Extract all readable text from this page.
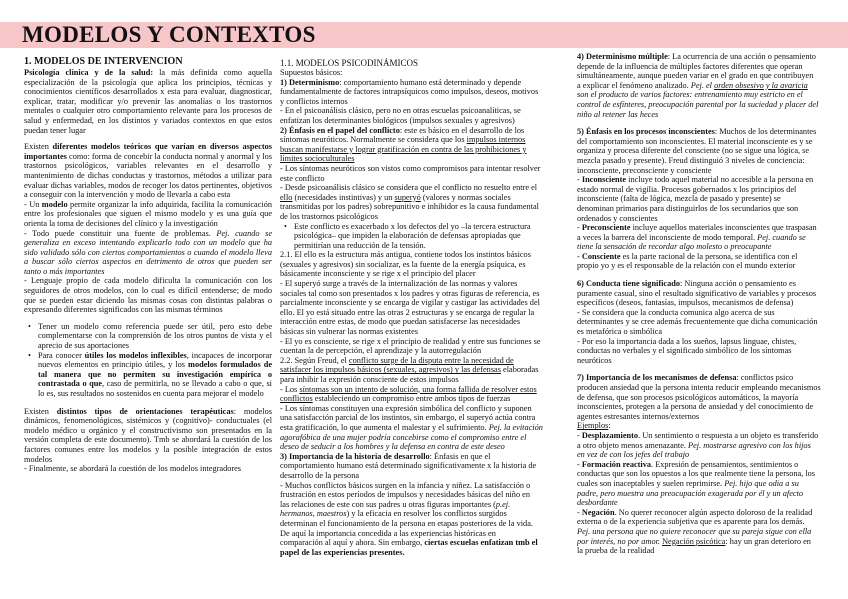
MODELOS Y CONTEXTOS
1. MODELOS DE INTERVENCIÓN

Psicología clínica y de la salud: la más definida como aquella especialización de la psicología que aplica los principios, técnicas y conocimientos científicos desarrollados x esta para evaluar, diagnosticar, explicar, tratar, modificar y/o prevenir las anomalías o los trastornos mentales o cualquier otro comportamiento relevante para los procesos de salud y enfermedad, en los distintos y variados contextos en que estos puedan tener lugar

Existen diferentes modelos teóricos que varían en diversos aspectos importantes como: forma de concebir la conducta normal y anormal y los trastornos psicológicos, variables relevantes en el desarrollo y mantenimiento de dichas conductas y trastornos, métodos a utilizar para evaluar dichas variables, modos de recoger los datos pertinentes, objetivos a conseguir con la intervención y modo de llevarla a cabo esta
- Un modelo permite organizar la info adquirida, facilita la comunicación entre los profesionales que siguen el mismo modelo y es una guía que orienta la toma de decisiones del clínico y la investigación
- Todo puede constituir una fuente de problemas. Pej. cuando se generaliza en exceso intentando explicarlo todo con un modelo que ha sido validado sólo con ciertos comportamientos o cuando el modelo lleva a buscar sólo ciertos aspectos en detrimento de otros que pueden ser tanto o más importantes
- Lenguaje propio de cada modelo dificulta la comunicación con los seguidores de otros modelos, con lo cual es difícil entenderse; de modo que se pueden estar diciendo las mismas cosas con distintas palabras o expresando diferentes significados con las mismas términos

• Tener un modelo como referencia puede ser útil, pero esto debe complementarse con la comprensión de los otros puntos de vista y el aprecio de sus aportaciones
• Para conocer útiles los modelos inflexibles, incapaces de incorporar nuevos elementos en principio útiles, y los modelos formulados de tal manera que no permiten su investigación empírica o contrastada o que, caso de permitirla, no se llevado a cabo o que, si lo es, sus resultados no sostenidos en cuenta para mejorar el modelo

Existen distintos tipos de orientaciones terapéuticas: modelos dinámicos, fenomenológicos, sistémicos y (cognitivo)- conductuales (el modelo médico u orgánico y el constructivismo son presentados en la versión completa de este documento). Tmb se abordará la cuestión de los factores comunes entre los modelos y la posible integración de estos modelos
- Finalmente, se abordará la cuestión de los modelos integradores

1.1. MODELOS PSICODINÁMICOS
Supuestos básicos:
1) Determinismo: comportamiento humano está determinado y depende
fundamentalmente de factores intrapsíquicos como impulsos, deseos, motivos
y conflictos internos
- En el psicoanálisis clásico, pero no en otras escuelas psicoanalíticas, se
enfatizan los determinantes biológicos (impulsos sexuales y agresivos)
2) Énfasis en el papel del conflicto: este es básico en el desarrollo de los
síntomas neuróticos. Normalmente se considera que los impulsos internos
buscan manifestarse y lograr gratificación en contra de las prohibiciones y
límites socioculturales
- Los síntomas neuróticos son vistos como compromisos para intentar resolver
este conflicto
- Desde psicoanálisis clásico se considera que el conflicto no resuelto entre el
ello (necesidades instintivas) y un superyó (valores y normas sociales
transmitidas por los padres) sobrepunitivo e inhibidor es la causa fundamental
de los trastornos psicológicos
• Este conflicto es exacerbado x los defectos del yo –la tercera estructura
psicológica– que impiden la elaboración de defensas apropiadas que
permitirían una reducción de la tensión.
2.1. El ello es la estructura más antigua, contiene todos los instintos básicos
(sexuales y agresivos) sin socializar, es la fuente de la energía psíquica, es
básicamente inconsciente y se rige x el principio del placer
- El superyó surge a través de la internalización de las normas y valores
sociales tal como son presentados x los padres y otras figuras de referencia, es
parcialmente inconsciente y se encarga de vigilar y castigar las actividades del
ello. El yo está situado entre las otras 2 estructuras y se encarga de regular la
interacción entre estas, de modo que puedan satisfacerse las necesidades
básicas sin vulnerar las normas existentes
- El yo es consciente, se rige x el principio de realidad y entre sus funciones se
cuentan la de percepción, el aprendizaje y la autorregulación
2.2. Según Freud, el conflicto surge de la disputa entre la necesidad de
satisfacer los impulsos básicos (sexuales, agresivos) y las defensas elaboradas
para inhibir la expresión consciente de estos impulsos
- Los síntomas son un intento de solución, una forma fallida de resolver estos
conflictos estableciendo un compromiso entre ambos tipos de fuerzas
- Los síntomas constituyen una expresión simbólica del conflicto y suponen
una satisfacción parcial de los instintos, sin embargo, el superyó actúa contra
esta gratificación, lo que aumenta el malestar y el sufrimiento. Pej. la evitación
agorafóbica de una mujer podría concebirse como el compromiso entre el
deseo de seducir a los hombres y la defensa en contra de este deseo
3) Importancia de la historia de desarrollo: Énfasis en que el
comportamiento humano está determinado significativamente x la historia de
desarrollo de la persona
- Muchos conflictos básicos surgen en la infancia y niñez. La satisfacción o
frustración en estos períodos de impulsos y necesidades básicas del niño en
las relaciones de este con sus padres u otras figuras importantes (p.ej.
hermanos, maestros) y la eficacia en resolver los conflictos surgidos
determinan el funcionamiento de la persona en etapas posteriores de la vida.
De aquí la importancia concedida a las experiencias históricas en
comparación al aquí y ahora. Sin embargo, ciertas escuelas enfatizan tmb el
papel de las experiencias presentes.
4) Determinismo múltiple: La ocurrencia de una acción o pensamiento
depende de la influencia de múltiples factores diferentes que operan
simultáneamente, aunque pueden variar en el grado en que contribuyen
a explicar el fenómeno analizado. Pej. el orden obsesivo y la avaricia
son el producto de varios factores: entrenamiento muy estricto en el
control de esfínteres, preocupación parental por la suciedad y placer del
niño al retener las heces
5) Énfasis en los procesos inconscientes: Muchos de los determinantes
del comportamiento son inconscientes. El material inconsciente es y se
organiza y procesa diferente del consciente (no se sigue una lógica, se
mezcla pasado y presente). Freud distinguió 3 niveles de conciencia:
inconsciente, preconsciente y consciente
- Inconsciente incluye todo aquel material no accesible a la persona en
estado normal de vigilia. Procesos gobernados x los principios del
inconsciente (falta de lógica, mezcla de pasado y presente) se
denominan primarios para distinguirlos de los secundarios que son
ordenados y conscientes
- Preconsciente incluye aquellos materiales inconscientes que traspasan
a veces la barrera del inconsciente de modo temporal. Pej. cuando se
tiene la sensación de recordar algo molesto o preocupante
- Consciente es la parte racional de la persona, se identifica con el
propio yo y es el responsable de la relación con el mundo exterior
6) Conducta tiene significado: Ninguna acción o pensamiento es
puramente casual, sino el resultado significativo de variables y procesos
específicos (deseos, fantasías, impulsos, mecanismos de defensa)
- Se considera que la conducta comunica algo acerca de sus
determinantes y se cree además frecuentemente que dicha comunicación
es metafórica o simbólica
- Por eso la importancia dada a los sueños, lapsus linguae, chistes,
conductas no verbales y el significado simbólico de los síntomas
neuróticos
7) Importancia de los mecanismos de defensa: conflictos psico
producen ansiedad que la persona intenta reducir empleando mecanismos
de defensa, que son procesos psicológicos automáticos, la mayoría
inconscientes, protegen a la persona de ansiedad y del conocimiento de
agentes estresantes internos/externos
Ejemplos:
- Desplazamiento. Un sentimiento o respuesta a un objeto es transferido
a otro objeto menos amenazante. Pej. mostrarse agresivo con los hijos
en vez de con los jefes del trabajo
- Formación reactiva. Expresión de pensamientos, sentimientos o
conductas que son los opuestos a los que realmente tiene la persona, los
cuales son inaceptables y suelen reprimirse. Pej. hijo que odia a su
padre, pero muestra una preocupación exagerada por él y un afecto
desbordante
- Negación. No querer reconocer algún aspecto doloroso de la realidad
externa o de la experiencia subjetiva que es aparente para los demás.
Pej. una persona que no quiere reconocer que su pareja sigue con ella
por interés, no por amor. Negación psicótica: hay un gran deterioro en
la prueba de la realidad
